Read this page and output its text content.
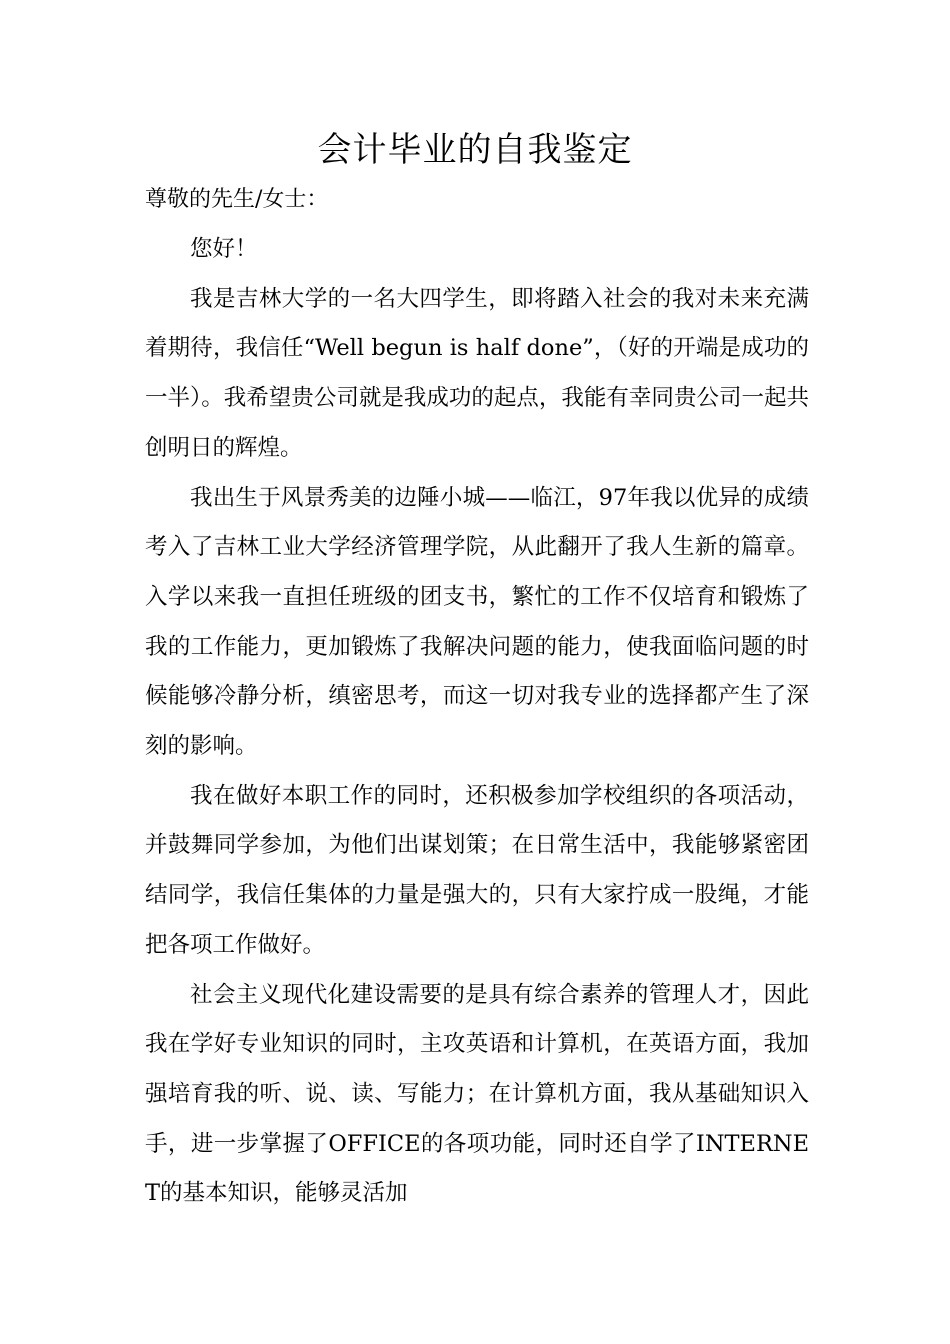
会计毕业的自我鉴定
尊敬的先生/女士：

您好！

我是吉林大学的一名大四学生，即将踏入社会的我对未来充满着期待，我信任“Well begun is half done”，（好的开端是成功的一半）。我希望贵公司就是我成功的起点，我能有幸同贵公司一起共创明日的辉煌。

我出生于风景秀美的边陲小城——临江，97年我以优异的成绩考入了吉林工业大学经济管理学院，从此翻开了我人生新的篇章。入学以来我一直担任班级的团支书，繁忙的工作不仅培育和锻炼了我的工作能力，更加锻炼了我解决问题的能力，使我面临问题的时候能够冷静分析，缜密思考，而这一切对我专业的选择都产生了深刻的影响。

我在做好本职工作的同时，还积极参加学校组织的各项活动，并鼓舞同学参加，为他们出谋划策；在日常生活中，我能够紧密团结同学，我信任集体的力量是强大的，只有大家拧成一股绳，才能把各项工作做好。

社会主义现代化建设需要的是具有综合素养的管理人才，因此我在学好专业知识的同时，主攻英语和计算机，在英语方面，我加强培育我的听、说、读、写能力；在计算机方面，我从基础知识入手，进一步掌握了OFFICE的各项功能，同时还自学了INTERNET的基本知识，能够灵活加
